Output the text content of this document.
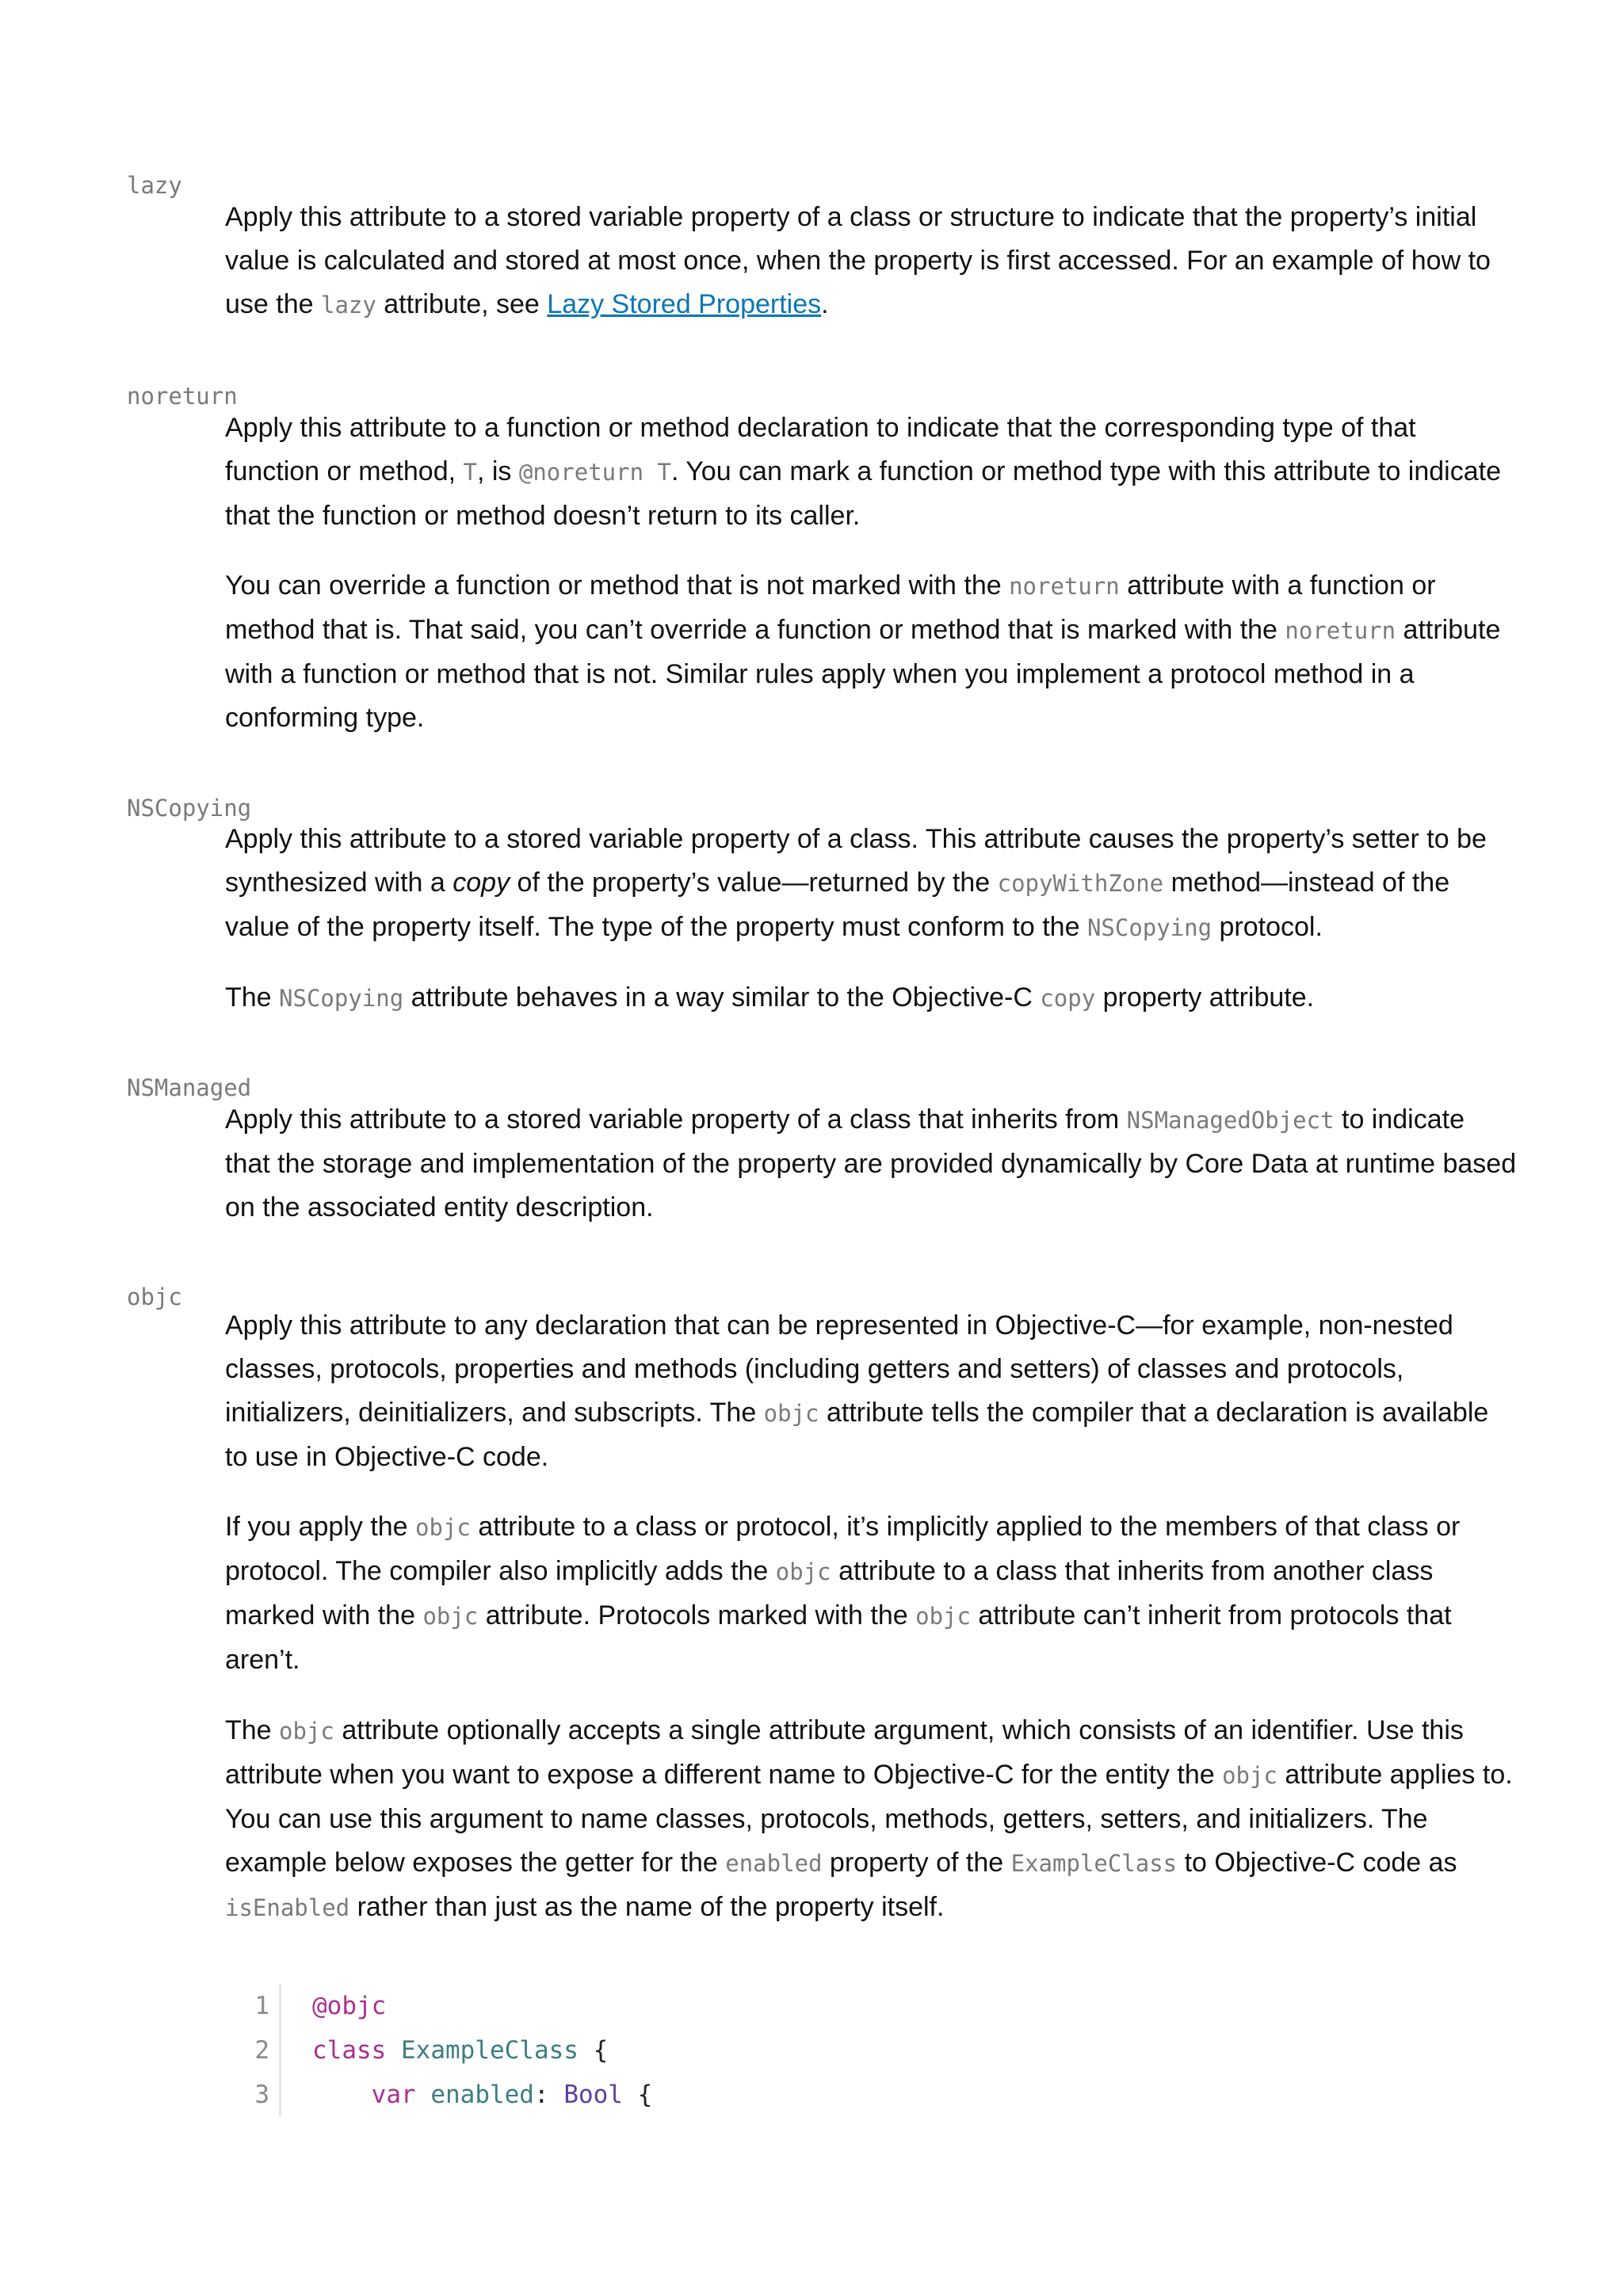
lazy

Apply this attribute to a stored variable property of a class or structure to indicate that the property’s initial value is calculated and stored at most once, when the property is first accessed. For an example of how to use the lazy attribute, see Lazy Stored Properties.

noreturn

Apply this attribute to a function or method declaration to indicate that the corresponding type of that function or method, T, is @noreturn T. You can mark a function or method type with this attribute to indicate that the function or method doesn’t return to its caller.

You can override a function or method that is not marked with the noreturn attribute with a function or method that is. That said, you can’t override a function or method that is marked with the noreturn attribute with a function or method that is not. Similar rules apply when you implement a protocol method in a conforming type.

NSCopying

Apply this attribute to a stored variable property of a class. This attribute causes the property’s setter to be synthesized with a copy of the property’s value—returned by the copyWithZone method—instead of the value of the property itself. The type of the property must conform to the NSCopying protocol.

The NSCopying attribute behaves in a way similar to the Objective-C copy property attribute.

NSManaged

Apply this attribute to a stored variable property of a class that inherits from NSManagedObject to indicate that the storage and implementation of the property are provided dynamically by Core Data at runtime based on the associated entity description.

objc

Apply this attribute to any declaration that can be represented in Objective-C—for example, non-nested classes, protocols, properties and methods (including getters and setters) of classes and protocols, initializers, deinitializers, and subscripts. The objc attribute tells the compiler that a declaration is available to use in Objective-C code.

If you apply the objc attribute to a class or protocol, it’s implicitly applied to the members of that class or protocol. The compiler also implicitly adds the objc attribute to a class that inherits from another class marked with the objc attribute. Protocols marked with the objc attribute can’t inherit from protocols that aren’t.

The objc attribute optionally accepts a single attribute argument, which consists of an identifier. Use this attribute when you want to expose a different name to Objective-C for the entity the objc attribute applies to. You can use this argument to name classes, protocols, methods, getters, setters, and initializers. The example below exposes the getter for the enabled property of the ExampleClass to Objective-C code as isEnabled rather than just as the name of the property itself.

1 @objc
2 class ExampleClass {
3	var enabled: Bool {
